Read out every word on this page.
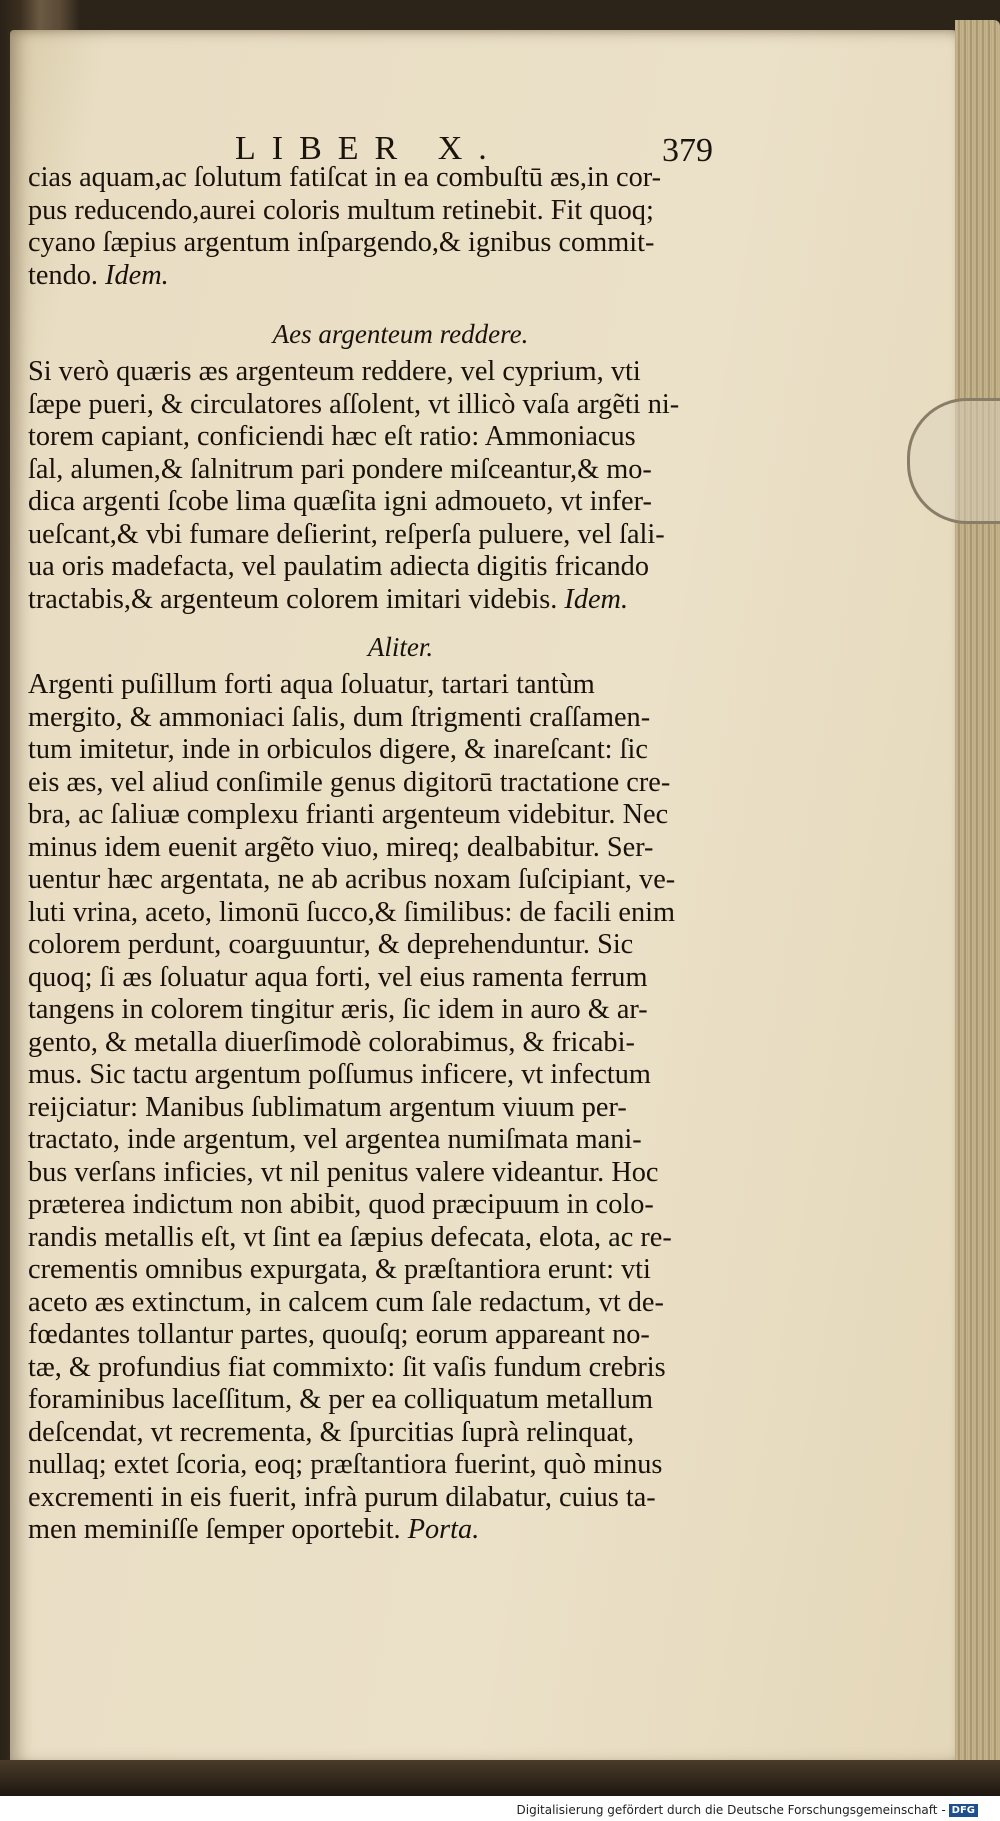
LIBER X.	379
cias aquam,ac ſolutum fatiſcat in ea combuſtū æs,in cor-
pus reducendo,aurei coloris multum retinebit. Fit quoq;
cyano ſæpius argentum inſpargendo,& ignibus commit-
tendo. Idem.
Aes argenteum reddere.
Si verò quæris æs argenteum reddere, vel cyprium, vti
ſæpe pueri, & circulatores aſſolent, vt illicò vaſa argẽti ni-
torem capiant, conficiendi hæc eſt ratio: Ammoniacus
ſal, alumen,& ſalnitrum pari pondere miſceantur,& mo-
dica argenti ſcobe lima quæſita igni admoueto, vt infer-
ueſcant,& vbi fumare deſierint, reſperſa puluere, vel ſali-
ua oris madefacta, vel paulatim adiecta digitis fricando
tractabis,& argenteum colorem imitari videbis. Idem.
Aliter.
Argenti puſillum forti aqua ſoluatur, tartari tantùm
mergito, & ammoniaci ſalis, dum ſtrigmenti craſſamen-
tum imitetur, inde in orbiculos digere, & inareſcant: ſic
eis æs, vel aliud conſimile genus digitorū tractatione cre-
bra, ac ſaliuæ complexu frianti argenteum videbitur. Nec
minus idem euenit argẽto viuo, mireq; dealbabitur. Ser-
uentur hæc argentata, ne ab acribus noxam ſuſcipiant, ve-
luti vrina, aceto, limonū ſucco,& ſimilibus: de facili enim
colorem perdunt, coarguuntur, & deprehenduntur. Sic
quoq; ſi æs ſoluatur aqua forti, vel eius ramenta ferrum
tangens in colorem tingitur æris, ſic idem in auro & ar-
gento, & metalla diuerſimodè colorabimus, & fricabi-
mus. Sic tactu argentum poſſumus inficere, vt infectum
reijciatur: Manibus ſublimatum argentum viuum per-
tractato, inde argentum, vel argentea numiſmata mani-
bus verſans inficies, vt nil penitus valere videantur. Hoc
præterea indictum non abibit, quod præcipuum in colo-
randis metallis eſt, vt ſint ea ſæpius defecata, elota, ac re-
crementis omnibus expurgata, & præſtantiora erunt: vti
aceto æs extinctum, in calcem cum ſale redactum, vt de-
fœdantes tollantur partes, quouſq; eorum appareant no-
tæ, & profundius fiat commixto: ſit vaſis fundum crebris
foraminibus laceſſitum, & per ea colliquatum metallum
deſcendat, vt recrementa, & ſpurcitias ſuprà relinquat,
nullaq; extet ſcoria, eoq; præſtantiora fuerint, quò minus
excrementi in eis fuerit, infrà purum dilabatur, cuius ta-
men meminiſſe ſemper oportebit. Porta.
Digitalisierung gefördert durch die Deutsche Forschungsgemeinschaft - DFG
